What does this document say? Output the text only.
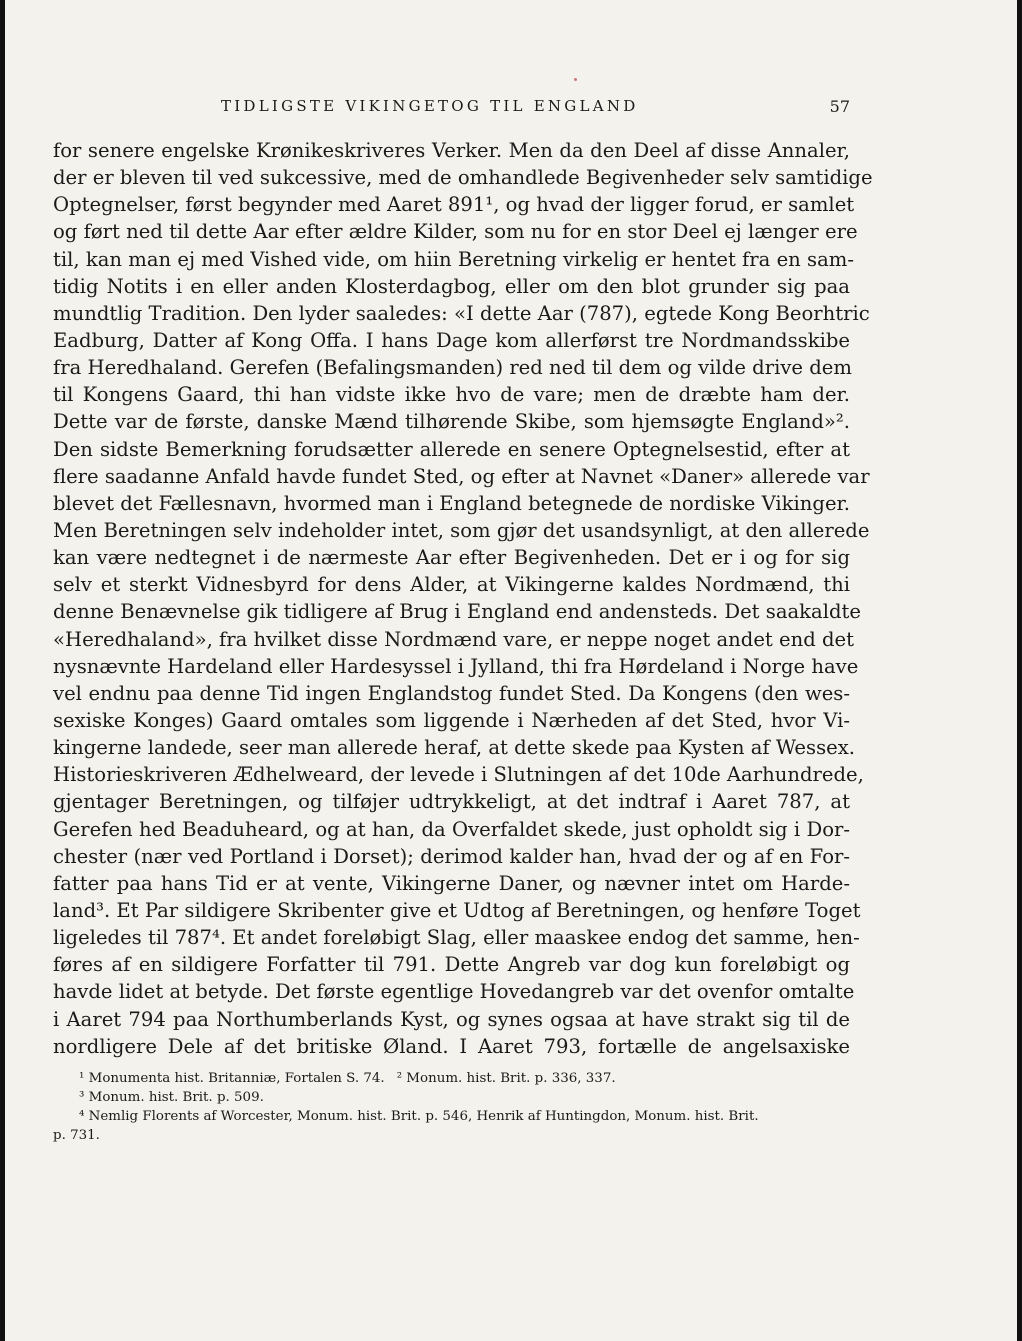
TIDLIGSTE VIKINGETOG TIL ENGLAND	57
for senere engelske Krønikeskriveres Verker. Men da den Deel af disse Annaler,
der er bleven til ved sukcessive, med de omhandlede Begivenheder selv samtidige
Optegnelser, først begynder med Aaret 891¹, og hvad der ligger forud, er samlet
og ført ned til dette Aar efter ældre Kilder, som nu for en stor Deel ej længer ere
til, kan man ej med Vished vide, om hiin Beretning virkelig er hentet fra en sam-
tidig Notits i en eller anden Klosterdagbog, eller om den blot grunder sig paa
mundtlig Tradition. Den lyder saaledes: «I dette Aar (787), egtede Kong Beorhtric
Eadburg, Datter af Kong Offa. I hans Dage kom allerførst tre Nordmandsskibe
fra Heredhaland. Gerefen (Befalingsmanden) red ned til dem og vilde drive dem
til Kongens Gaard, thi han vidste ikke hvo de vare; men de dræbte ham der.
Dette var de første, danske Mænd tilhørende Skibe, som hjemsøgte England»².
Den sidste Bemerkning forudsætter allerede en senere Optegnelsestid, efter at
flere saadanne Anfald havde fundet Sted, og efter at Navnet «Daner» allerede var
blevet det Fællesnavn, hvormed man i England betegnede de nordiske Vikinger.
Men Beretningen selv indeholder intet, som gjør det usandsynligt, at den allerede
kan være nedtegnet i de nærmeste Aar efter Begivenheden. Det er i og for sig
selv et sterkt Vidnesbyrd for dens Alder, at Vikingerne kaldes Nordmænd, thi
denne Benævnelse gik tidligere af Brug i England end andensteds. Det saakaldte
«Heredhaland», fra hvilket disse Nordmænd vare, er neppe noget andet end det
nysnævnte Hardeland eller Hardesyssel i Jylland, thi fra Hørdeland i Norge have
vel endnu paa denne Tid ingen Englandstog fundet Sted. Da Kongens (den wes-
sexiske Konges) Gaard omtales som liggende i Nærheden af det Sted, hvor Vi-
kingerne landede, seer man allerede heraf, at dette skede paa Kysten af Wessex.
Historieskriveren Ædhelweard, der levede i Slutningen af det 10de Aarhundrede,
gjentager Beretningen, og tilføjer udtrykkeligt, at det indtraf i Aaret 787, at
Gerefen hed Beaduheard, og at han, da Overfaldet skede, just opholdt sig i Dor-
chester (nær ved Portland i Dorset); derimod kalder han, hvad der og af en For-
fatter paa hans Tid er at vente, Vikingerne Daner, og nævner intet om Harde-
land³. Et Par sildigere Skribenter give et Udtog af Beretningen, og henføre Toget
ligeledes til 787⁴. Et andet foreløbigt Slag, eller maaskee endog det samme, hen-
føres af en sildigere Forfatter til 791. Dette Angreb var dog kun foreløbigt og
havde lidet at betyde. Det første egentlige Hovedangreb var det ovenfor omtalte
i Aaret 794 paa Northumberlands Kyst, og synes ogsaa at have strakt sig til de
nordligere Dele af det britiske Øland. I Aaret 793, fortælle de angelsaxiske
¹ Monumenta hist. Britanniæ, Fortalen S. 74. ² Monum. hist. Brit. p. 336, 337.
³ Monum. hist. Brit. p. 509.
⁴ Nemlig Florents af Worcester, Monum. hist. Brit. p. 546, Henrik af Huntingdon, Monum. hist. Brit.
p. 731.
